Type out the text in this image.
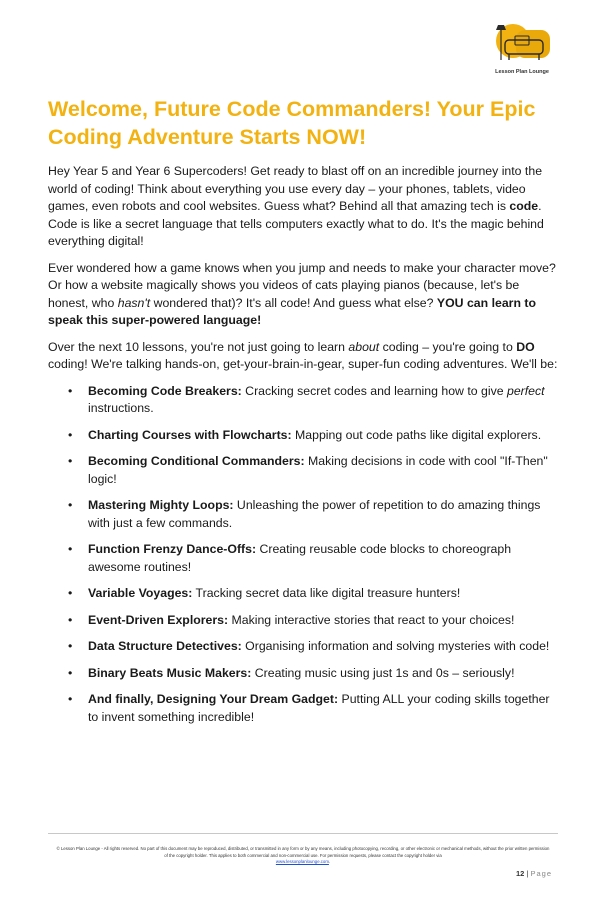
Lesson Plan Lounge
Welcome, Future Code Commanders! Your Epic Coding Adventure Starts NOW!

Hey Year 5 and Year 6 Supercoders! Get ready to blast off on an incredible journey into the world of coding! Think about everything you use every day – your phones, tablets, video games, even robots and cool websites. Guess what? Behind all that amazing tech is code. Code is like a secret language that tells computers exactly what to do. It's the magic behind everything digital!

Ever wondered how a game knows when you jump and needs to make your character move? Or how a website magically shows you videos of cats playing pianos (because, let's be honest, who hasn't wondered that)? It's all code! And guess what else? YOU can learn to speak this super-powered language!

Over the next 10 lessons, you're not just going to learn about coding – you're going to DO coding! We're talking hands-on, get-your-brain-in-gear, super-fun coding adventures. We'll be:

• Becoming Code Breakers: Cracking secret codes and learning how to give perfect instructions.
• Charting Courses with Flowcharts: Mapping out code paths like digital explorers.
• Becoming Conditional Commanders: Making decisions in code with cool "If-Then" logic!
• Mastering Mighty Loops: Unleashing the power of repetition to do amazing things with just a few commands.
• Function Frenzy Dance-Offs: Creating reusable code blocks to choreograph awesome routines!
• Variable Voyages: Tracking secret data like digital treasure hunters!
• Event-Driven Explorers: Making interactive stories that react to your choices!
• Data Structure Detectives: Organising information and solving mysteries with code!
• Binary Beats Music Makers: Creating music using just 1s and 0s – seriously!
• And finally, Designing Your Dream Gadget: Putting ALL your coding skills together to invent something incredible!
© Lesson Plan Lounge - All rights reserved. No part of this document may be reproduced, distributed, or transmitted in any form or by any means, including photocopying, recording, or other electronic or mechanical methods, without the prior written permission of the copyright holder. This applies to both commercial and non-commercial use. For permission requests, please contact the copyright holder via
www.lessonplanlounge.com.
12 | Page
